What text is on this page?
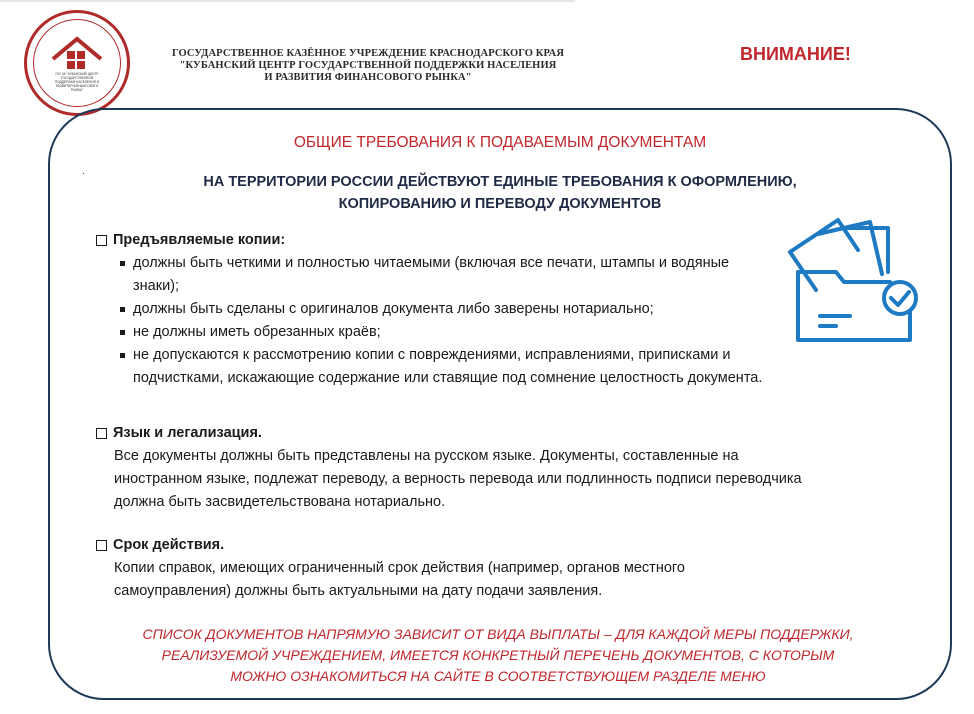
ГКУ КК "КУБАНСКИЙ ЦЕНТР
ГОСУДАРСТВЕННОЙ
ПОДДЕРЖКИ НАСЕЛЕНИЯ И
РАЗВИТИЯ ФИНАНСОВОГО
РЫНКА"
ГОСУДАРСТВЕННОЕ КАЗЁННОЕ УЧРЕЖДЕНИЕ КРАСНОДАРСКОГО КРАЯ
"КУБАНСКИЙ ЦЕНТР ГОСУДАРСТВЕННОЙ ПОДДЕРЖКИ НАСЕЛЕНИЯ
И РАЗВИТИЯ ФИНАНСОВОГО РЫНКА"
ВНИМАНИЕ!
.
ОБЩИЕ ТРЕБОВАНИЯ К ПОДАВАЕМЫМ ДОКУМЕНТАМ
НА ТЕРРИТОРИИ РОССИИ ДЕЙСТВУЮТ ЕДИНЫЕ ТРЕБОВАНИЯ К ОФОРМЛЕНИЮ,
КОПИРОВАНИЮ И ПЕРЕВОДУ ДОКУМЕНТОВ
Предъявляемые копии:
должны быть четкими и полностью читаемыми (включая все печати, штампы и водяные знаки);
должны быть сделаны с оригиналов документа либо заверены нотариально;
не должны иметь обрезанных краёв;
не допускаются к рассмотрению копии с повреждениями, исправлениями, приписками и подчистками, искажающие содержание или ставящие под сомнение целостность документа.
Язык и легализация.
Все документы должны быть представлены на русском языке. Документы, составленные на иностранном языке, подлежат переводу, а верность перевода или подлинность подписи переводчика должна быть засвидетельствована нотариально.
Срок действия.
Копии справок, имеющих ограниченный срок действия (например, органов местного самоуправления) должны быть актуальными на дату подачи заявления.
СПИСОК ДОКУМЕНТОВ НАПРЯМУЮ ЗАВИСИТ ОТ ВИДА ВЫПЛАТЫ – ДЛЯ КАЖДОЙ МЕРЫ ПОДДЕРЖКИ,
РЕАЛИЗУЕМОЙ УЧРЕЖДЕНИЕМ, ИМЕЕТСЯ КОНКРЕТНЫЙ ПЕРЕЧЕНЬ ДОКУМЕНТОВ, С КОТОРЫМ
МОЖНО ОЗНАКОМИТЬСЯ НА САЙТЕ В СООТВЕТСТВУЮЩЕМ РАЗДЕЛЕ МЕНЮ
